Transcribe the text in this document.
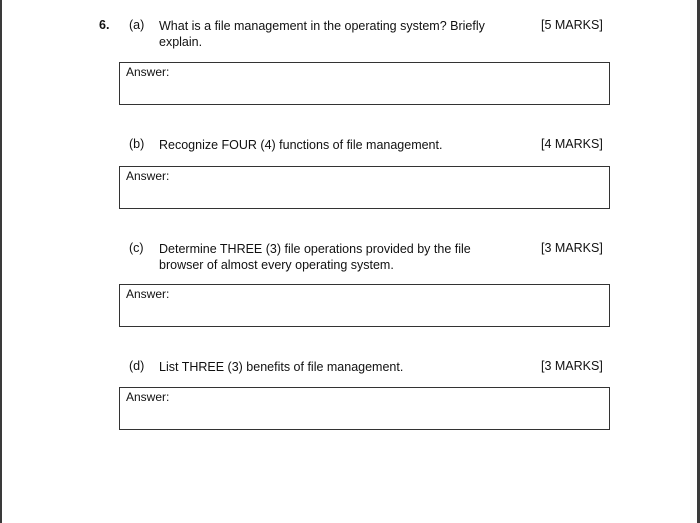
6. (a) What is a file management in the operating system? Briefly explain.
[5 MARKS]
Answer:
(b) Recognize FOUR (4) functions of file management.	[4 MARKS]
Answer:
(c) Determine THREE (3) file operations provided by the file browser of almost every operating system.
[3 MARKS]
Answer:
(d) List THREE (3) benefits of file management.	[3 MARKS]
Answer:
